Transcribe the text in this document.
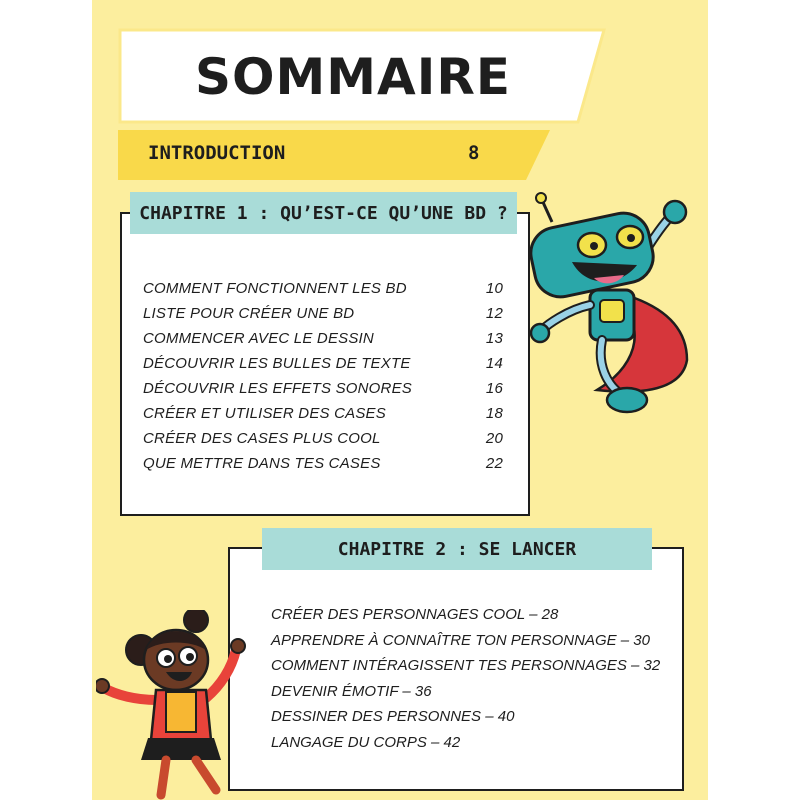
SOMMAIRE
INTRODUCTION	8
CHAPITRE 1 : QU’EST-CE QU’UNE BD ?
COMMENT FONCTIONNENT LES BD	10
LISTE POUR CRÉER UNE BD	12
COMMENCER AVEC LE DESSIN	13
DÉCOUVRIR LES BULLES DE TEXTE	14
DÉCOUVRIR LES EFFETS SONORES	16
CRÉER ET UTILISER DES CASES	18
CRÉER DES CASES PLUS COOL	20
QUE METTRE DANS TES CASES	22
CHAPITRE 2 : SE LANCER
CRÉER DES PERSONNAGES COOL – 28
APPRENDRE À CONNAÎTRE TON PERSONNAGE – 30
COMMENT INTÉRAGISSENT TES PERSONNAGES – 32
DEVENIR ÉMOTIF – 36
DESSINER DES PERSONNES – 40
LANGAGE DU CORPS – 42
